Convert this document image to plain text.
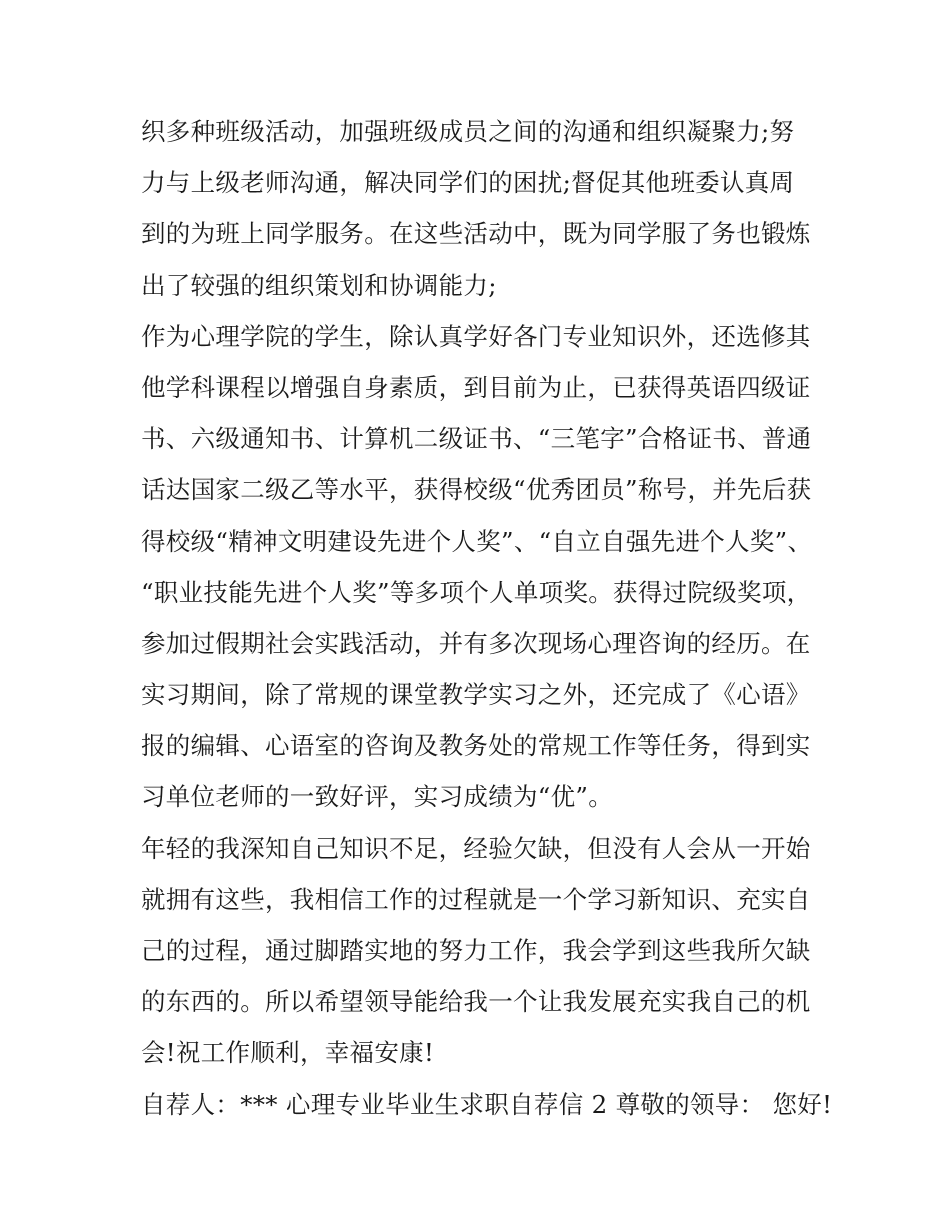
织多种班级活动，加强班级成员之间的沟通和组织凝聚力;努
力与上级老师沟通，解决同学们的困扰;督促其他班委认真周
到的为班上同学服务。在这些活动中，既为同学服了务也锻炼
出了较强的组织策划和协调能力;
作为心理学院的学生，除认真学好各门专业知识外，还选修其
他学科课程以增强自身素质，到目前为止，已获得英语四级证
书、六级通知书、计算机二级证书、“三笔字”合格证书、普通
话达国家二级乙等水平，获得校级“优秀团员”称号，并先后获
得校级“精神文明建设先进个人奖”、“自立自强先进个人奖”、
“职业技能先进个人奖”等多项个人单项奖。获得过院级奖项，
参加过假期社会实践活动，并有多次现场心理咨询的经历。在
实习期间，除了常规的课堂教学实习之外，还完成了《心语》
报的编辑、心语室的咨询及教务处的常规工作等任务，得到实
习单位老师的一致好评，实习成绩为“优”。
年轻的我深知自己知识不足，经验欠缺，但没有人会从一开始
就拥有这些，我相信工作的过程就是一个学习新知识、充实自
己的过程，通过脚踏实地的努力工作，我会学到这些我所欠缺
的东西的。所以希望领导能给我一个让我发展充实我自己的机
会!祝工作顺利，幸福安康!
自荐人：*** 心理专业毕业生求职自荐信 2 尊敬的领导： 您好!
